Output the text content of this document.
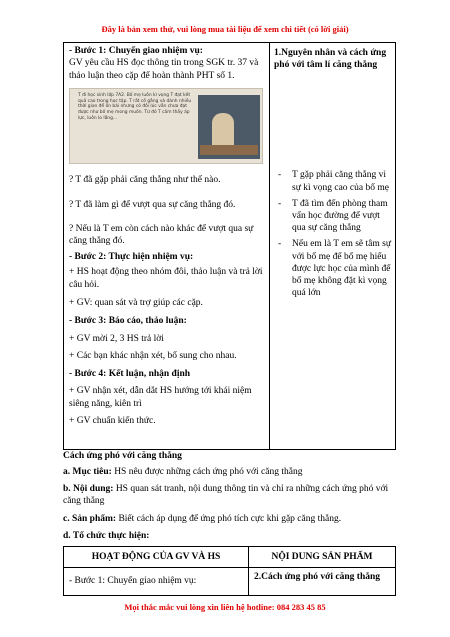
Đây là bản xem thử, vui lòng mua tài liệu để xem chi tiết (có lời giải)

- Bước 1: Chuyển giao nhiệm vụ:

GV yêu cầu HS đọc thông tin trong SGK tr. 37 và thảo luận theo cặp để hoàn thành PHT số 1.

T đi học sinh lớp 7A2. Bố mẹ luôn kì vọng T đạt kết quả cao trong học tập. T rất cố gắng và dành nhiều thời gian để ôn bài nhưng có đôi lúc vẫn chưa đạt được như bố mẹ mong muốn. Từ đó T cảm thấy áp lực, luôn lo lắng...

? T đã gặp phải căng thẳng như thế nào.

? T đã làm gì để vượt qua sự căng thẳng đó.

? Nếu là T em còn cách nào khác để vượt qua sự căng thẳng đó.

- Bước 2: Thực hiện nhiệm vụ:

+ HS hoạt động theo nhóm đôi, thảo luận và trả lời câu hỏi.

+ GV: quan sát và trợ giúp các cặp.

- Bước 3: Báo cáo, thảo luận:

+ GV mời 2, 3 HS trả lời

+ Các bạn khác nhận xét, bổ sung cho nhau.

- Bước 4: Kết luận, nhận định

+ GV nhận xét, dẫn dắt HS hướng tới khái niệm siêng năng, kiên trì

+ GV chuẩn kiến thức.

1.Nguyên nhân và cách ứng phó với tâm lí căng thẳng

- T gặp phải căng thẳng vì sự kì vọng cao của bố mẹ
- T đã tìm đến phòng tham vấn học đường để vượt qua sự căng thẳng
- Nếu em là T em sẽ tâm sự với bố mẹ để bố mẹ hiểu được lực học của mình để bố mẹ không đặt kì vọng quá lớn
Cách ứng phó với căng thẳng
a. Mục tiêu: HS nêu được những cách ứng phó với căng thẳng
b. Nội dung: HS quan sát tranh, nội dung thông tin và chỉ ra những cách ứng phó với căng thẳng
c. Sản phẩm: Biết cách áp dụng để ứng phó tích cực khi gặp căng thẳng.
d. Tổ chức thực hiện:
HOẠT ĐỘNG CỦA GV VÀ HS	NỘI DUNG SẢN PHẨM
- Bước 1: Chuyển giao nhiệm vụ:	2.Cách ứng phó với căng thẳng
Mọi thắc mắc vui lòng xin liên hệ hotline: 084 283 45 85
